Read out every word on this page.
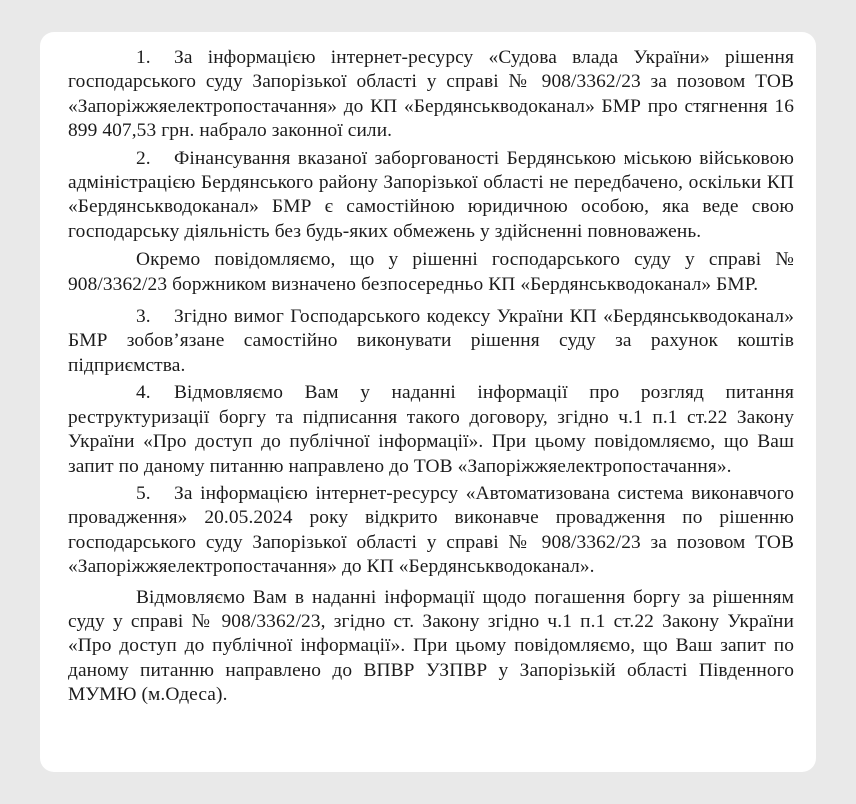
1. За інформацією інтернет-ресурсу «Судова влада України» рішення господарського суду Запорізької області у справі № 908/3362/23 за позовом ТОВ «Запоріжжяелектропостачання» до КП «Бердянськводоканал» БМР про стягнення 16 899 407,53 грн. набрало законної сили.

2. Фінансування вказаної заборгованості Бердянською міською військовою адміністрацією Бердянського району Запорізької області не передбачено, оскільки КП «Бердянськводоканал» БМР є самостійною юридичною особою, яка веде свою господарську діяльність без будь-яких обмежень у здійсненні повноважень.

Окремо повідомляємо, що у рішенні господарського суду у справі № 908/3362/23 боржником визначено безпосередньо КП «Бердянськводоканал» БМР.

3. Згідно вимог Господарського кодексу України КП «Бердянськводоканал» БМР зобов’язане самостійно виконувати рішення суду за рахунок коштів підприємства.

4. Відмовляємо Вам у наданні інформації про розгляд питання реструктуризації боргу та підписання такого договору, згідно ч.1 п.1 ст.22 Закону України «Про доступ до публічної інформації». При цьому повідомляємо, що Ваш запит по даному питанню направлено до ТОВ «Запоріжжяелектропостачання».

5. За інформацією інтернет-ресурсу «Автоматизована система виконавчого провадження» 20.05.2024 року відкрито виконавче провадження по рішенню господарського суду Запорізької області у справі № 908/3362/23 за позовом ТОВ «Запоріжжяелектропостачання» до КП «Бердянськводоканал».

Відмовляємо Вам в наданні інформації щодо погашення боргу за рішенням суду у справі № 908/3362/23, згідно ст. Закону згідно ч.1 п.1 ст.22 Закону України «Про доступ до публічної інформації». При цьому повідомляємо, що Ваш запит по даному питанню направлено до ВПВР УЗПВР у Запорізькій області Південного МУМЮ (м.Одеса).
